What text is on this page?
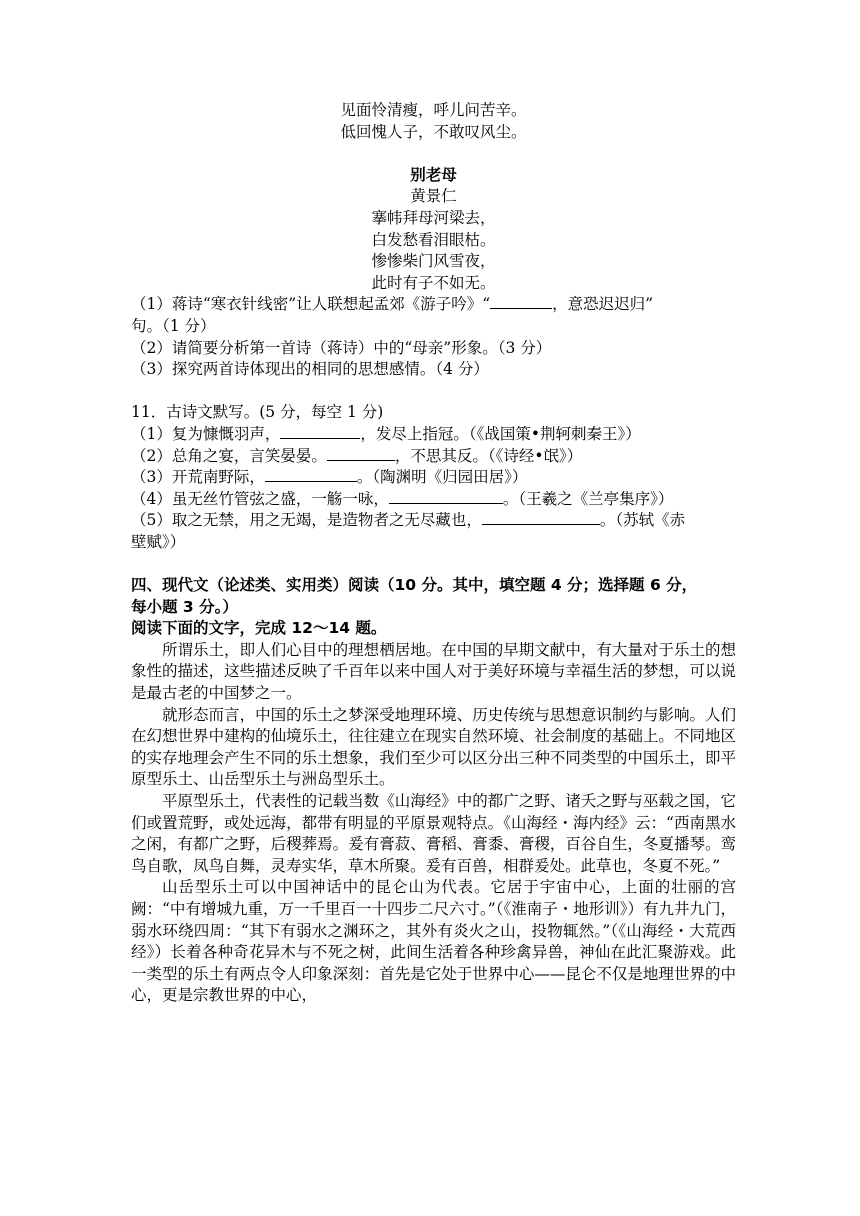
见面怜清瘦，呼儿问苦辛。

低回愧人子，不敢叹风尘。

别老母

黄景仁

搴帏拜母河梁去，

白发愁看泪眼枯。

惨惨柴门风雪夜，

此时有子不如无。

（1）蒋诗“寒衣针线密”让人联想起孟郊《游子吟》“	，意恐迟迟归”

句。（1 分）

（2）请简要分析第一首诗（蒋诗）中的“母亲”形象。（3 分）

（3）探究两首诗体现出的相同的思想感情。（4 分）

11．古诗文默写。(5 分，每空 1 分)

（1）复为慷慨羽声，	，发尽上指冠。（《战国策•荆轲刺秦王》）

（2）总角之宴，言笑晏晏。	，不思其反。（《诗经•氓》）

（3）开荒南野际，	。（陶渊明《归园田居》）

（4）虽无丝竹管弦之盛，一觞一咏，	。（王羲之《兰亭集序》）

（5）取之无禁，用之无竭，是造物者之无尽藏也，	。（苏轼《赤

壁赋》）

四、现代文（论述类、实用类）阅读（10 分。其中，填空题 4 分；选择题 6 分，

每小题 3 分。）

阅读下面的文字，完成 12～14 题。

所谓乐土，即人们心目中的理想栖居地。在中国的早期文献中，有大量对于乐土的想象性的描述，这些描述反映了千百年以来中国人对于美好环境与幸福生活的梦想，可以说是最古老的中国梦之一。

就形态而言，中国的乐土之梦深受地理环境、历史传统与思想意识制约与影响。人们在幻想世界中建构的仙境乐土，往往建立在现实自然环境、社会制度的基础上。不同地区的实存地理会产生不同的乐土想象，我们至少可以区分出三种不同类型的中国乐土，即平原型乐土、山岳型乐土与洲岛型乐土。

平原型乐土，代表性的记载当数《山海经》中的都广之野、诸夭之野与巫载之国，它们或置荒野，或处远海，都带有明显的平原景观特点。《山海经・海内经》云：“西南黑水之闲，有都广之野，后稷葬焉。爰有膏菽、膏稻、膏黍、膏稷，百谷自生，冬夏播琴。鸾鸟自歌，凤鸟自舞，灵寿实华，草木所聚。爰有百兽，相群爰处。此草也，冬夏不死。”

山岳型乐土可以中国神话中的昆仑山为代表。它居于宇宙中心，上面的壮丽的宫阙：“中有增城九重，万一千里百一十四步二尺六寸。”（《淮南子・地形训》）有九井九门，弱水环绕四周：“其下有弱水之渊环之，其外有炎火之山，投物辄然。”（《山海经・大荒西经》）长着各种奇花异木与不死之树，此间生活着各种珍禽异兽，神仙在此汇聚游戏。此一类型的乐土有两点令人印象深刻：首先是它处于世界中心——昆仑不仅是地理世界的中心，更是宗教世界的中心，
